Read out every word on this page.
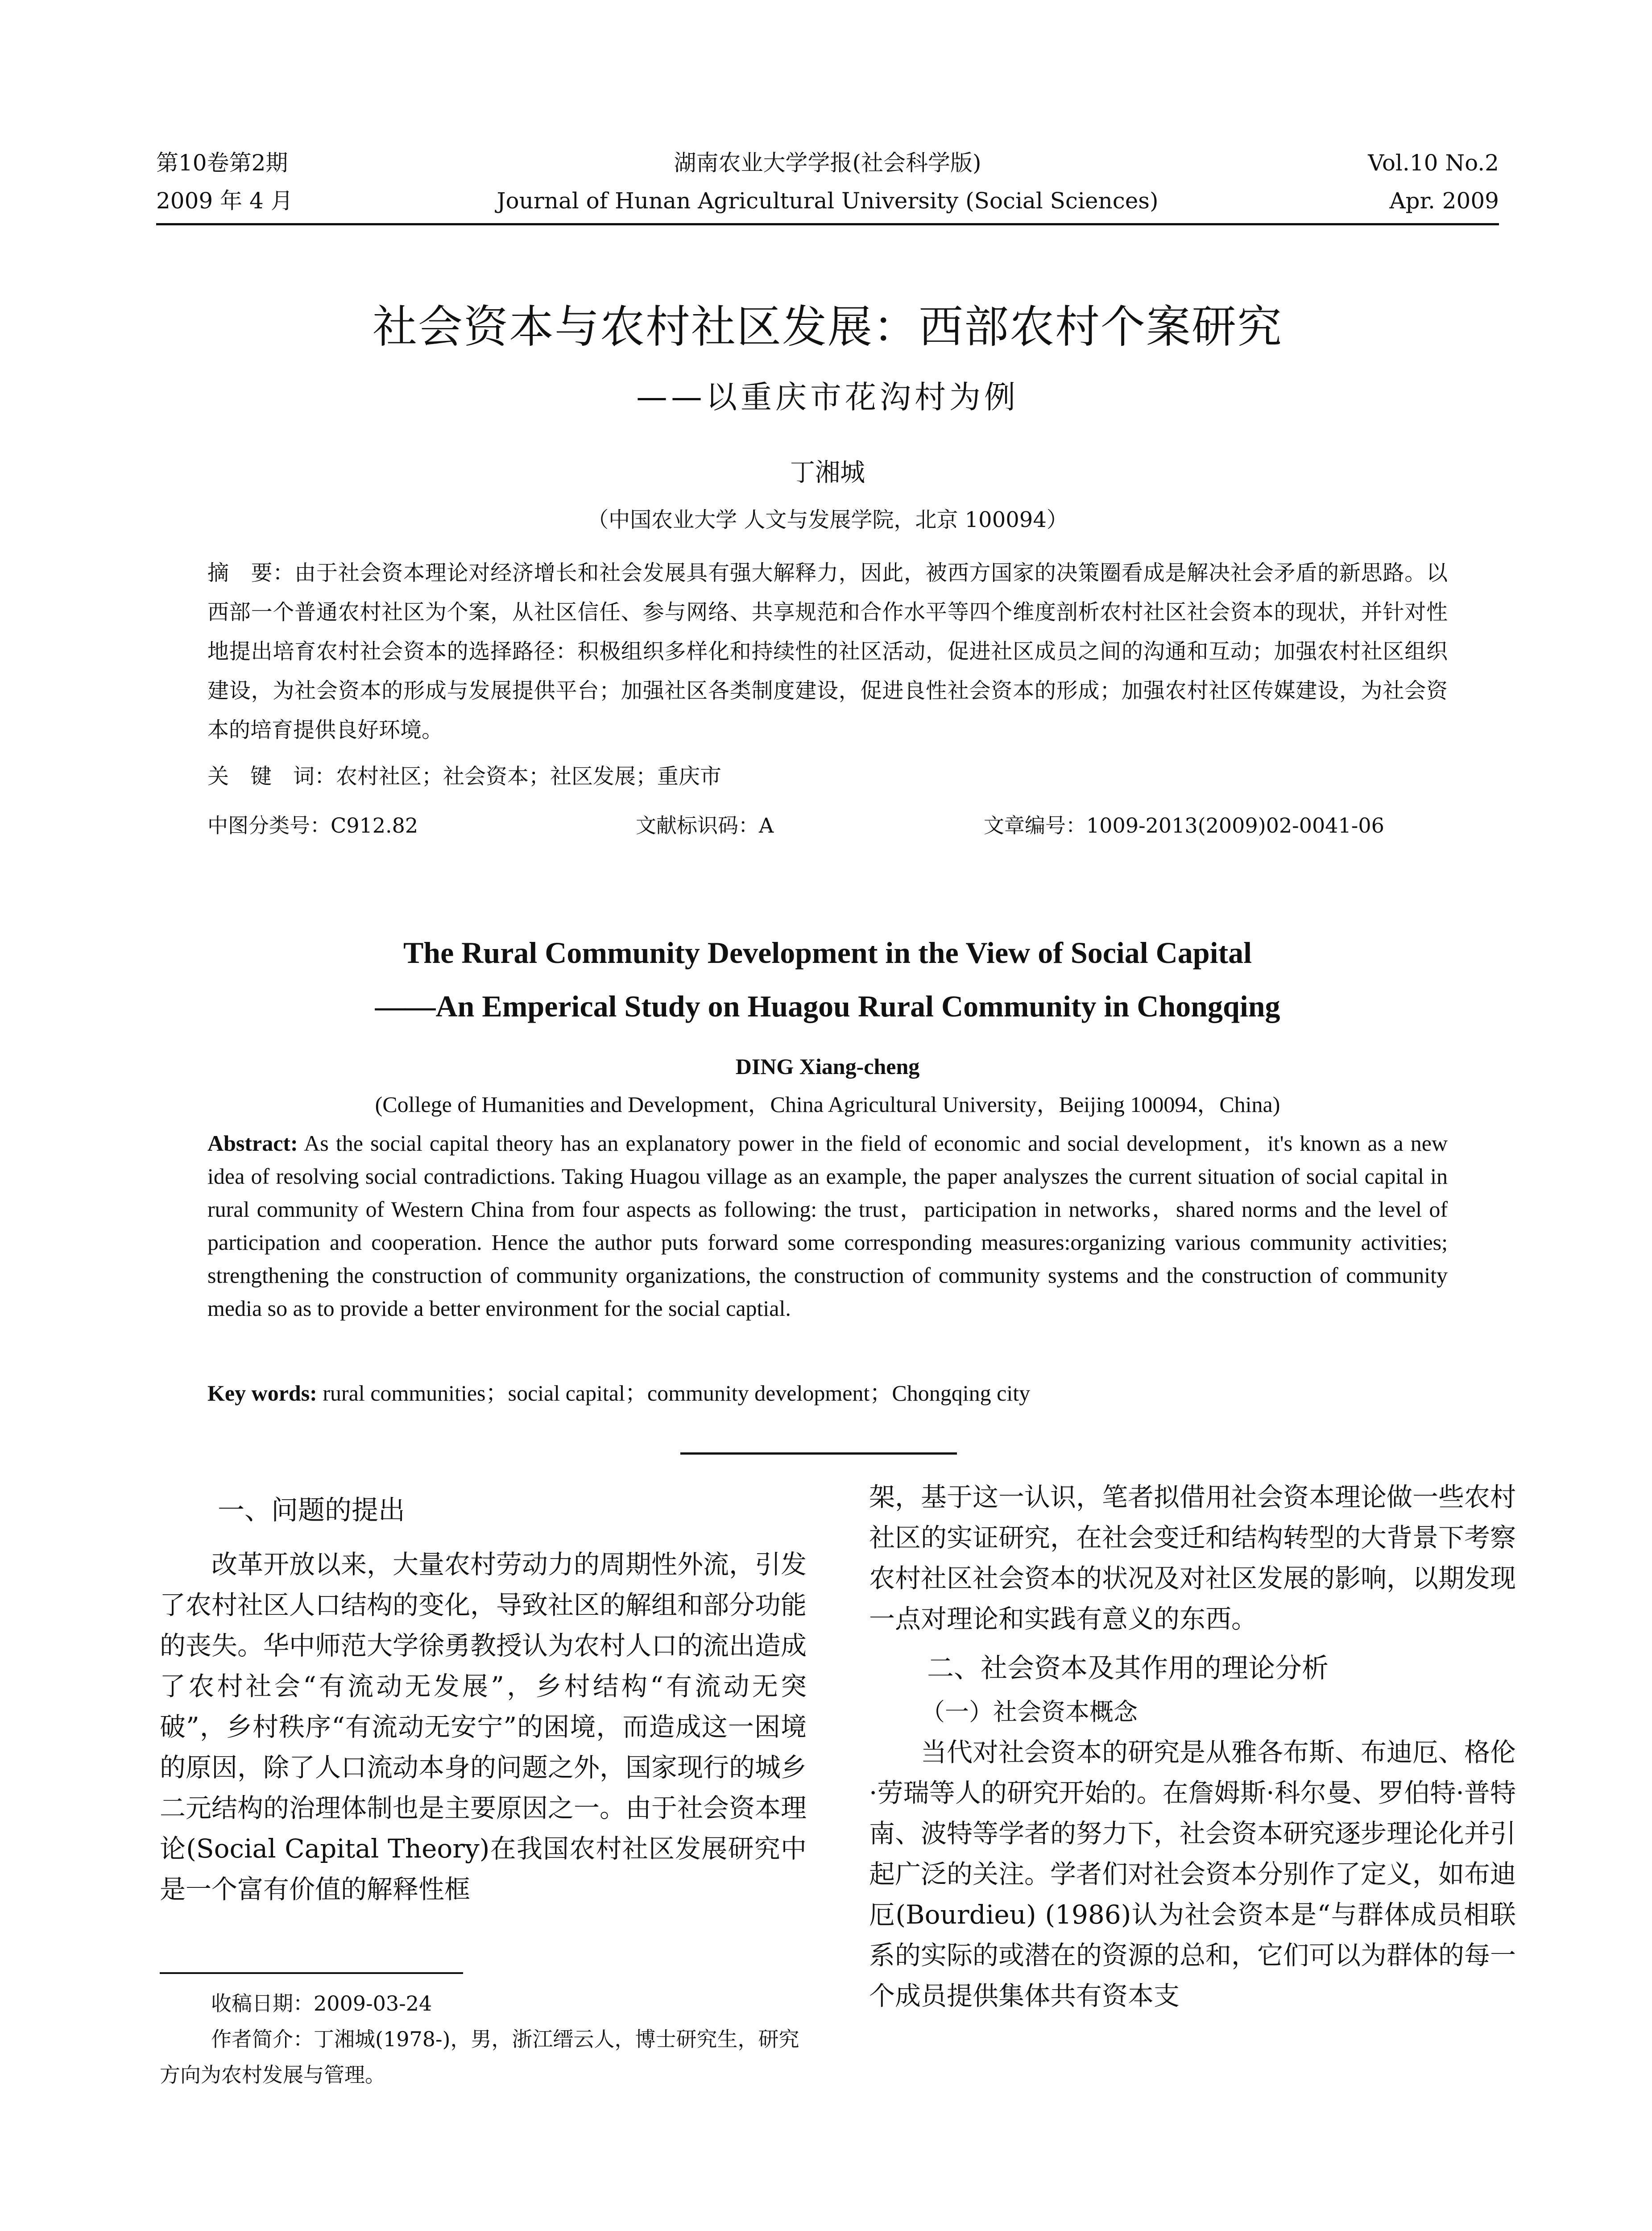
第10卷第2期	湖南农业大学学报(社会科学版)	Vol.10 No.2
2009 年 4 月	Journal of Hunan Agricultural University (Social Sciences)	Apr. 2009
社会资本与农村社区发展：西部农村个案研究
——以重庆市花沟村为例
丁湘城
（中国农业大学 人文与发展学院，北京 100094）
摘　要：由于社会资本理论对经济增长和社会发展具有强大解释力，因此，被西方国家的决策圈看成是解决社会矛盾的新思路。以西部一个普通农村社区为个案，从社区信任、参与网络、共享规范和合作水平等四个维度剖析农村社区社会资本的现状，并针对性地提出培育农村社会资本的选择路径：积极组织多样化和持续性的社区活动，促进社区成员之间的沟通和互动；加强农村社区组织建设，为社会资本的形成与发展提供平台；加强社区各类制度建设，促进良性社会资本的形成；加强农村社区传媒建设，为社会资本的培育提供良好环境。
关　键　词：农村社区；社会资本；社区发展；重庆市
中图分类号：C912.82	文献标识码：A	文章编号：1009-2013(2009)02-0041-06
The Rural Community Development in the View of Social Capital
——An Emperical Study on Huagou Rural Community in Chongqing
DING Xiang-cheng
(College of Humanities and Development，China Agricultural University，Beijing 100094，China)
Abstract: As the social capital theory has an explanatory power in the field of economic and social development，it's known as a new idea of resolving social contradictions. Taking Huagou village as an example, the paper analyszes the current situation of social capital in rural community of Western China from four aspects as following: the trust，participation in networks，shared norms and the level of participation and cooperation. Hence the author puts forward some corresponding measures:organizing various community activities; strengthening the construction of community organizations, the construction of community systems and the construction of community media so as to provide a better environment for the social captial.
Key words: rural communities；social capital；community development；Chongqing city
一、问题的提出

改革开放以来，大量农村劳动力的周期性外流，引发了农村社区人口结构的变化，导致社区的解组和部分功能的丧失。华中师范大学徐勇教授认为农村人口的流出造成了农村社会“有流动无发展”，乡村结构“有流动无突破”，乡村秩序“有流动无安宁”的困境，而造成这一困境的原因，除了人口流动本身的问题之外，国家现行的城乡二元结构的治理体制也是主要原因之一。由于社会资本理论(Social Capital Theory)在我国农村社区发展研究中是一个富有价值的解释性框

架，基于这一认识，笔者拟借用社会资本理论做一些农村社区的实证研究，在社会变迁和结构转型的大背景下考察农村社区社会资本的状况及对社区发展的影响，以期发现一点对理论和实践有意义的东西。

二、社会资本及其作用的理论分析
（一）社会资本概念

当代对社会资本的研究是从雅各布斯、布迪厄、格伦·劳瑞等人的研究开始的。在詹姆斯·科尔曼、罗伯特·普特南、波特等学者的努力下，社会资本研究逐步理论化并引起广泛的关注。学者们对社会资本分别作了定义，如布迪厄(Bourdieu) (1986)认为社会资本是“与群体成员相联系的实际的或潜在的资源的总和，它们可以为群体的每一个成员提供集体共有资本支

收稿日期：2009-03-24
作者简介：丁湘城(1978-)，男，浙江缙云人，博士研究生，研究方向为农村发展与管理。
